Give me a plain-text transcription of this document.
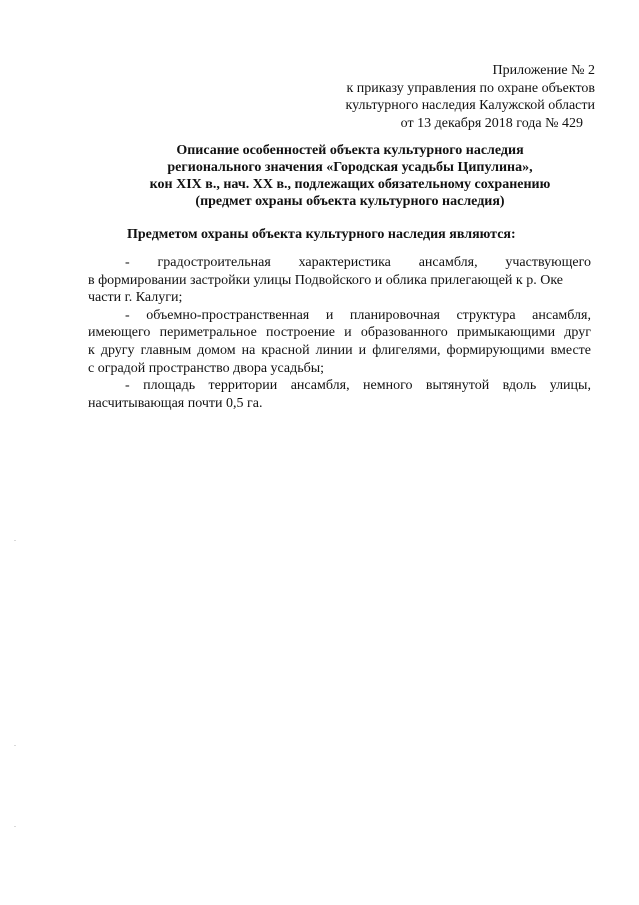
Приложение № 2
к приказу управления по охране объектов
культурного наследия Калужской области
от 13 декабря 2018 года № 429
Описание особенностей объекта культурного наследия
регионального значения «Городская усадьбы Ципулина»,
кон XIX в., нач. XX в., подлежащих обязательному сохранению
(предмет охраны объекта культурного наследия)
Предметом охраны объекта культурного наследия являются:
- градостроительная характеристика ансамбля, участвующего
в формировании застройки улицы Подвойского и облика прилегающей к р. Оке
части г. Калуги;
- объемно-пространственная и планировочная структура ансамбля,
имеющего периметральное построение и образованного примыкающими друг
к другу главным домом на красной линии и флигелями, формирующими вместе
с оградой пространство двора усадьбы;
- площадь территории ансамбля, немного вытянутой вдоль улицы,
насчитывающая почти 0,5 га.
